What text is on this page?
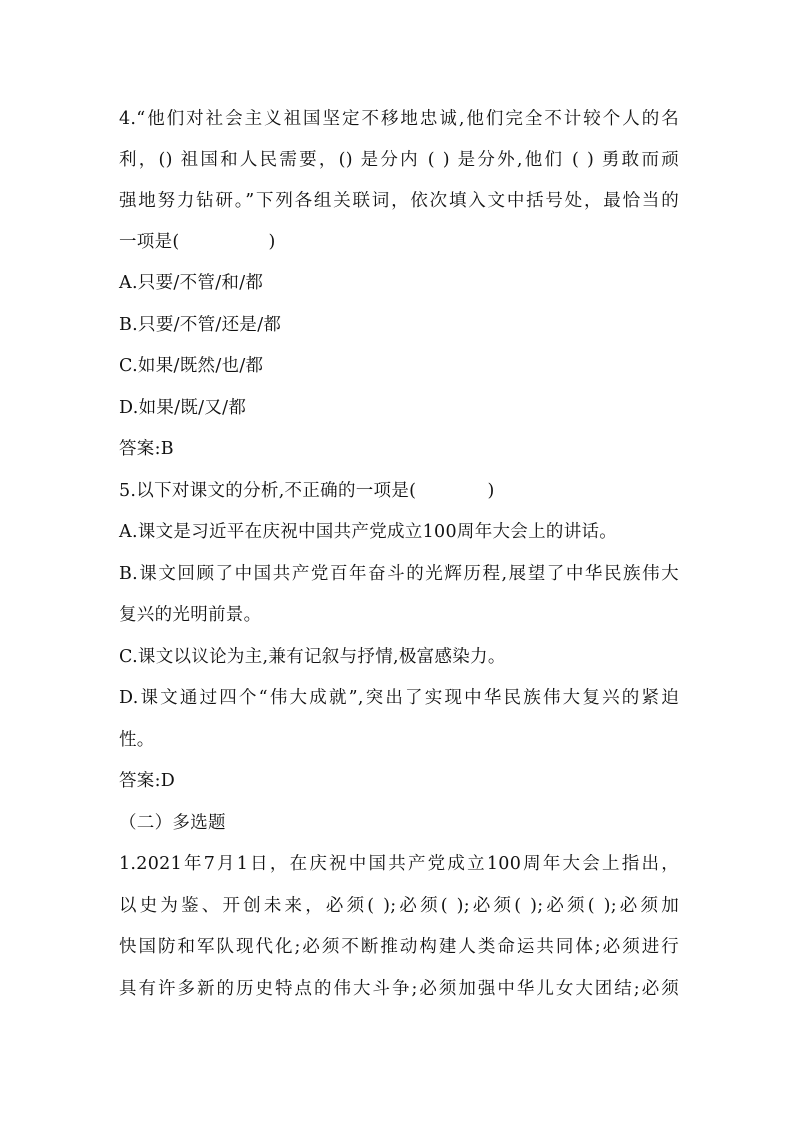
4.“他们对社会主义祖国坚定不移地忠诚,他们完全不计较个人的名
利，() 祖国和人民需要，() 是分内 ( ) 是分外,他们 ( ) 勇敢而顽
强地努力钻研。”下列各组关联词，依次填入文中括号处，最恰当的
一项是(　　　　　)
A.只要/不管/和/都
B.只要/不管/还是/都
C.如果/既然/也/都
D.如果/既/又/都
答案:B
5.以下对课文的分析,不正确的一项是(　　　　)
A.课文是习近平在庆祝中国共产党成立100周年大会上的讲话。
B.课文回顾了中国共产党百年奋斗的光辉历程,展望了中华民族伟大
复兴的光明前景。
C.课文以议论为主,兼有记叙与抒情,极富感染力。
D.课文通过四个“伟大成就”,突出了实现中华民族伟大复兴的紧迫
性。
答案:D
（二）多选题
1.2021年7月1日，在庆祝中国共产党成立100周年大会上指出，
以史为鉴、开创未来，必须( );必须( );必须( );必须( );必须加
快国防和军队现代化;必须不断推动构建人类命运共同体;必须进行
具有许多新的历史特点的伟大斗争;必须加强中华儿女大团结;必须
